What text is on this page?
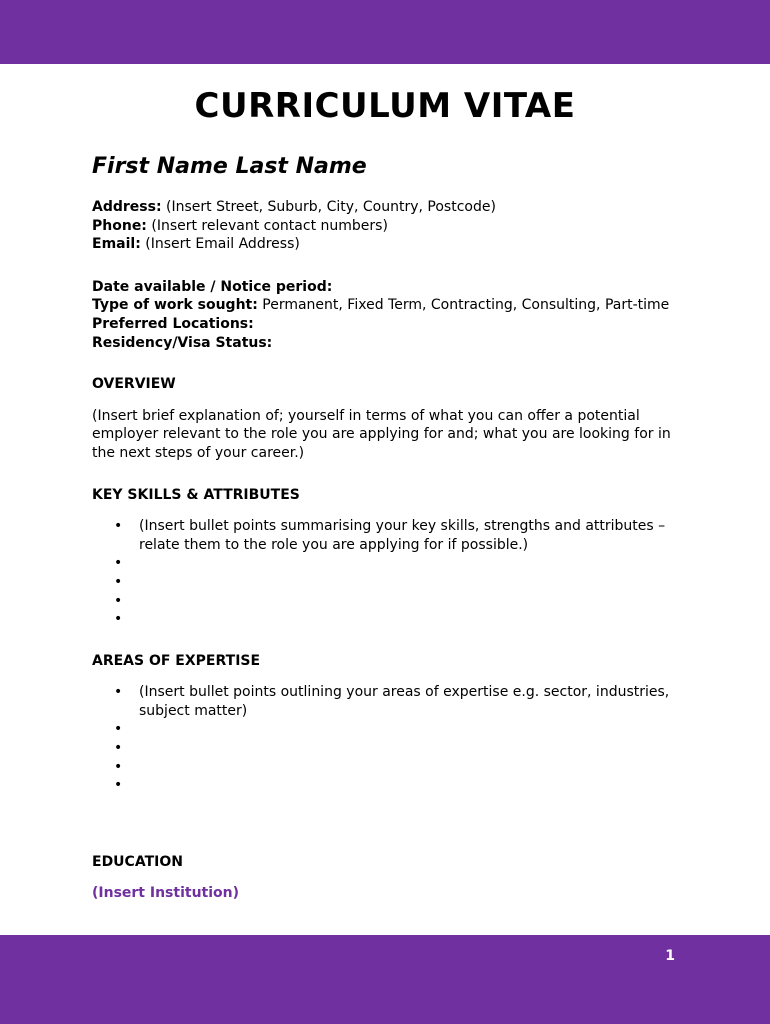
CURRICULUM VITAE
First Name Last Name

Address: (Insert Street, Suburb, City, Country, Postcode)

Phone: (Insert relevant contact numbers)

Email: (Insert Email Address)

Date available / Notice period:

Type of work sought: Permanent, Fixed Term, Contracting, Consulting, Part-time

Preferred Locations:

Residency/Visa Status:

OVERVIEW

(Insert brief explanation of; yourself in terms of what you can offer a potential employer relevant to the role you are applying for and; what you are looking for in the next steps of your career.)

KEY SKILLS & ATTRIBUTES
• (Insert bullet points summarising your key skills, strengths and attributes – relate them to the role you are applying for if possible.)
•
•
•
•
AREAS OF EXPERTISE
• (Insert bullet points outlining your areas of expertise e.g. sector, industries, subject matter)
•
•
•
•
EDUCATION
(Insert Institution)
1
